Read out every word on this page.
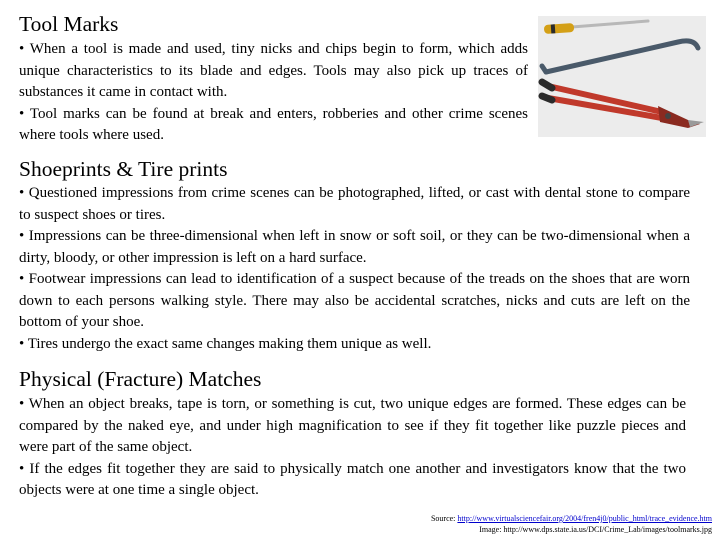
Tool Marks

• When a tool is made and used, tiny nicks and chips begin to form, which adds unique characteristics to its blade and edges. Tools may also pick up traces of substances it came in contact with.

• Tool marks can be found at break and enters, robberies and other crime scenes where tools where used.

Shoeprints & Tire prints

• Questioned impressions from crime scenes can be photographed, lifted, or cast with dental stone to compare to suspect shoes or tires.

• Impressions can be three-dimensional when left in snow or soft soil, or they can be two-dimensional when a dirty, bloody, or other impression is left on a hard surface.

• Footwear impressions can lead to identification of a suspect because of the treads on the shoes that are worn down to each persons walking style. There may also be accidental scratches, nicks and cuts are left on the bottom of your shoe.

• Tires undergo the exact same changes making them unique as well.

Physical (Fracture) Matches

• When an object breaks, tape is torn, or something is cut, two unique edges are formed. These edges can be compared by the naked eye, and under high magnification to see if they fit together like puzzle pieces and were part of the same object.

• If the edges fit together they are said to physically match one another and investigators know that the two objects were at one time a single object.

Source: http://www.virtualsciencefair.org/2004/fren4j0/public_html/trace_evidence.htm
Image: http://www.dps.state.ia.us/DCI/Crime_Lab/images/toolmarks.jpg
